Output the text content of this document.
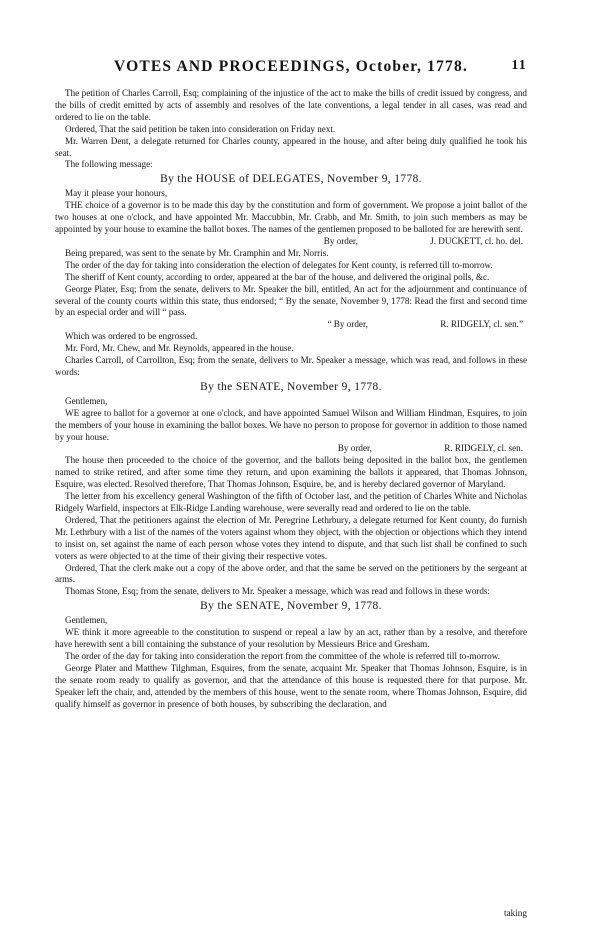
VOTES AND PROCEEDINGS, October, 1778.	11

The petition of Charles Carroll, Esq; complaining of the injustice of the act to make the bills of credit issued by congress, and the bills of credit emitted by acts of assembly and resolves of the late conventions, a legal tender in all cases, was read and ordered to lie on the table.

Ordered, That the said petition be taken into consideration on Friday next.

Mr. Warren Dent, a delegate returned for Charles county, appeared in the house, and after being duly qualified he took his seat.

The following message:

By the HOUSE of DELEGATES, November 9, 1778.

May it please your honours,

THE choice of a governor is to be made this day by the constitution and form of government. We propose a joint ballot of the two houses at one o'clock, and have appointed Mr. Maccubbin, Mr. Crabb, and Mr. Smith, to join such members as may be appointed by your house to examine the ballot boxes. The names of the gentlemen proposed to be balloted for are herewith sent.

By order,	J. DUCKETT, cl. ho. del.

Being prepared, was sent to the senate by Mr. Cramphin and Mr. Norris.

The order of the day for taking into consideration the election of delegates for Kent county, is referred till to-morrow.

The sheriff of Kent county, according to order, appeared at the bar of the house, and delivered the original polls, &c.

George Plater, Esq; from the senate, delivers to Mr. Speaker the bill, entitled, An act for the adjournment and continuance of several of the county courts within this state, thus endorsed; “ By the senate, November 9, 1778: Read the first and second time by an especial order and will “ pass.

“ By order,	R. RIDGELY, cl. sen.”

Which was ordered to be engrossed.

Mr. Ford, Mr. Chew, and Mr. Reynolds, appeared in the house.

Charles Carroll, of Carrollton, Esq; from the senate, delivers to Mr. Speaker a message, which was read, and follows in these words:

By the SENATE, November 9, 1778.

Gentlemen,

WE agree to ballot for a governor at one o'clock, and have appointed Samuel Wilson and William Hindman, Esquires, to join the members of your house in examining the ballot boxes. We have no person to propose for governor in addition to those named by your house.

By order,	R. RIDGELY, cl. sen.

The house then proceeded to the choice of the governor, and the ballots being deposited in the ballot box, the gentlemen named to strike retired, and after some time they return, and upon examining the ballots it appeared, that Thomas Johnson, Esquire, was elected. Resolved therefore, That Thomas Johnson, Esquire, be, and is hereby declared governor of Maryland.

The letter from his excellency general Washington of the fifth of October last, and the petition of Charles White and Nicholas Ridgely Warfield, inspectors at Elk-Ridge Landing warehouse, were severally read and ordered to lie on the table.

Ordered, That the petitioners against the election of Mr. Peregrine Lethrbury, a delegate returned for Kent county, do furnish Mr. Lethrbury with a list of the names of the voters against whom they object, with the objection or objections which they intend to insist on, set against the name of each person whose votes they intend to dispute, and that such list shall be confined to such voters as were objected to at the time of their giving their respective votes.

Ordered, That the clerk make out a copy of the above order, and that the same be served on the petitioners by the sergeant at arms.

Thomas Stone, Esq; from the senate, delivers to Mr. Speaker a message, which was read and follows in these words:

By the SENATE, November 9, 1778.

Gentlemen,

WE think it more agreeable to the constitution to suspend or repeal a law by an act, rather than by a resolve, and therefore have herewith sent a bill containing the substance of your resolution by Messieurs Brice and Gresham.

The order of the day for taking into consideration the report from the committee of the whole is referred till to-morrow.

George Plater and Matthew Tilghman, Esquires, from the senate, acquaint Mr. Speaker that Thomas Johnson, Esquire, is in the senate room ready to qualify as governor, and that the attendance of this house is requested there for that purpose. Mr. Speaker left the chair, and, attended by the members of this house, went to the senate room, where Thomas Johnson, Esquire, did qualify himself as governor in presence of both houses, by subscribing the declaration, and

taking
